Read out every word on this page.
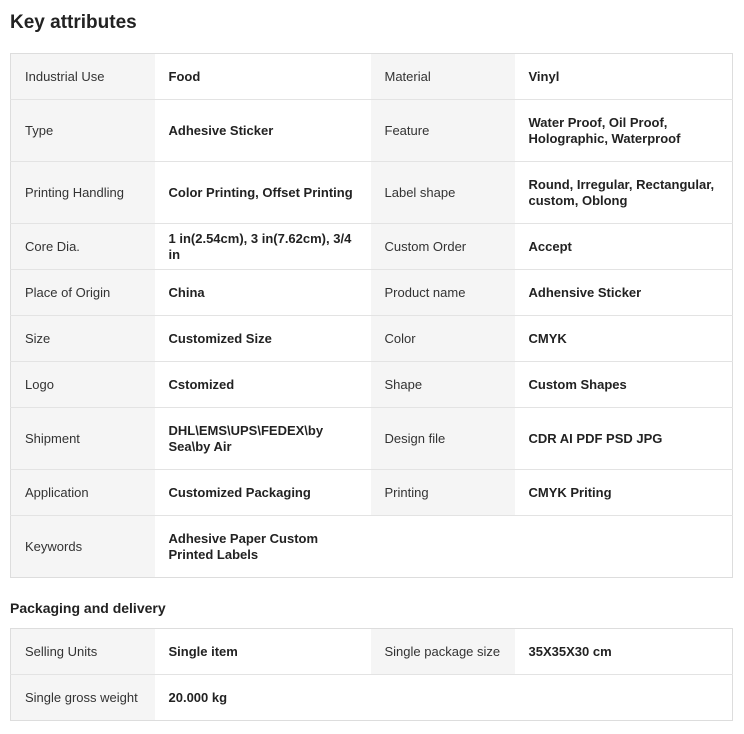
Key attributes
Industrial Use	Food	Material	Vinyl
Type	Adhesive Sticker	Feature	Water Proof, Oil Proof, Holographic, Waterproof
Printing Handling	Color Printing, Offset Printing	Label shape	Round, Irregular, Rectangular, custom, Oblong
Core Dia.	1 in(2.54cm), 3 in(7.62cm), 3/4 in	Custom Order	Accept
Place of Origin	China	Product name	Adhensive Sticker
Size	Customized Size	Color	CMYK
Logo	Cstomized	Shape	Custom Shapes
Shipment	DHL\EMS\UPS\FEDEX\by Sea\by Air	Design file	CDR AI PDF PSD JPG
Application	Customized Packaging	Printing	CMYK Priting
Keywords	Adhesive Paper Custom Printed Labels		
Packaging and delivery
Selling Units	Single item	Single package size	35X35X30 cm
Single gross weight	20.000 kg		
